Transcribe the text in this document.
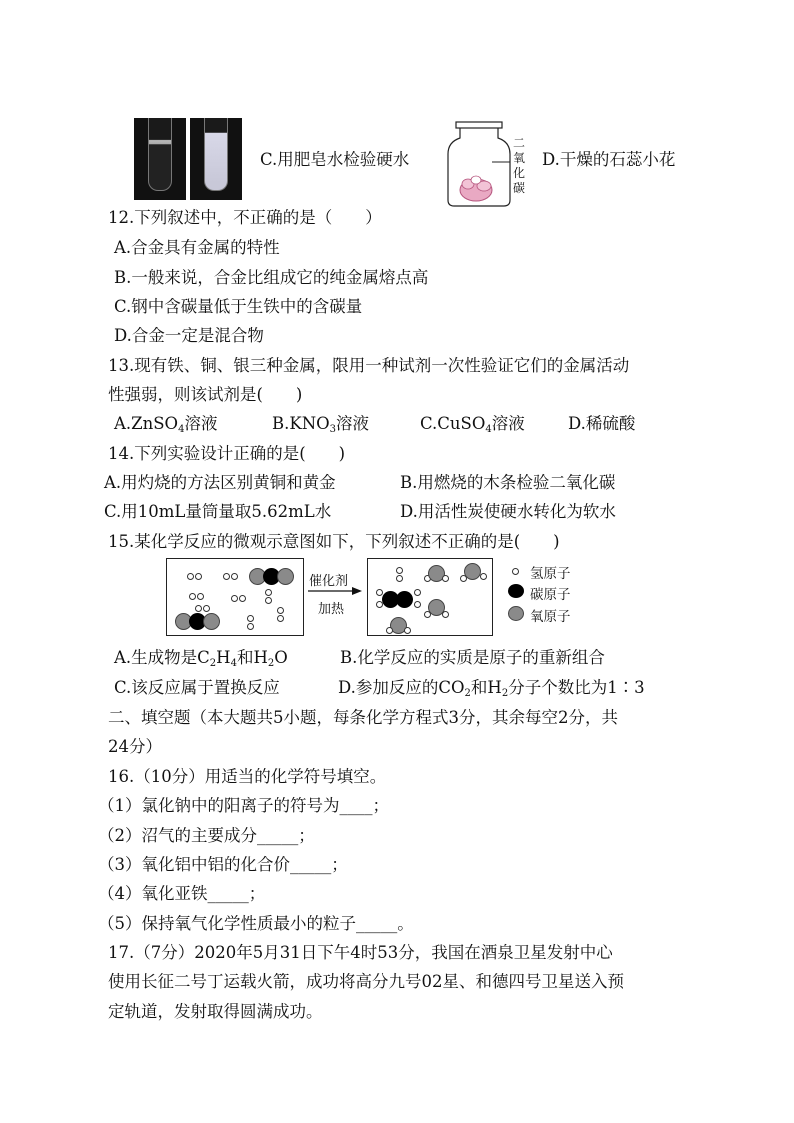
C.用肥皂水检验硬水
二
氧
化
碳
D.干燥的石蕊小花
12.下列叙述中，不正确的是（　　）
A.合金具有金属的特性
B.一般来说，合金比组成它的纯金属熔点高
C.钢中含碳量低于生铁中的含碳量
D.合金一定是混合物
13.现有铁、铜、银三种金属，限用一种试剂一次性验证它们的金属活动
性强弱，则该试剂是(　　)
A.ZnSO$_4$溶液	$B.KNO_3$溶液	C.CuSO$_4$溶液	D.稀硫酸
14.下列实验设计正确的是(　　)
A.用灼烧的方法区别黄铜和黄金	B.用燃烧的木条检验二氧化碳
C.用10mL量筒量取5.62mL水	D.用活性炭使硬水转化为软水
15.某化学反应的微观示意图如下，下列叙述不正确的是(　　)
催化剂
加热
氢原子
碳原子
氧原子
A.生成物是$C_2H_4$和$H_2O$	B.化学反应的实质是原子的重新组合
C.该反应属于置换反应	D.参加反应的$CO_2$和$H_2$分子个数比为1∶3
二、填空题（本大题共5小题，每条化学方程式3分，其余每空2分，共
24分）
16.（10分）用适当的化学符号填空。
（1）氯化钠中的阳离子的符号为____；
（2）沼气的主要成分_____；
（3）氧化铝中铝的化合价_____；
（4）氧化亚铁_____；
（5）保持氧气化学性质最小的粒子_____。
17.（7分）2020年5月31日下午4时53分，我国在酒泉卫星发射中心
使用长征二号丁运载火箭，成功将高分九号02星、和德四号卫星送入预
定轨道，发射取得圆满成功。
